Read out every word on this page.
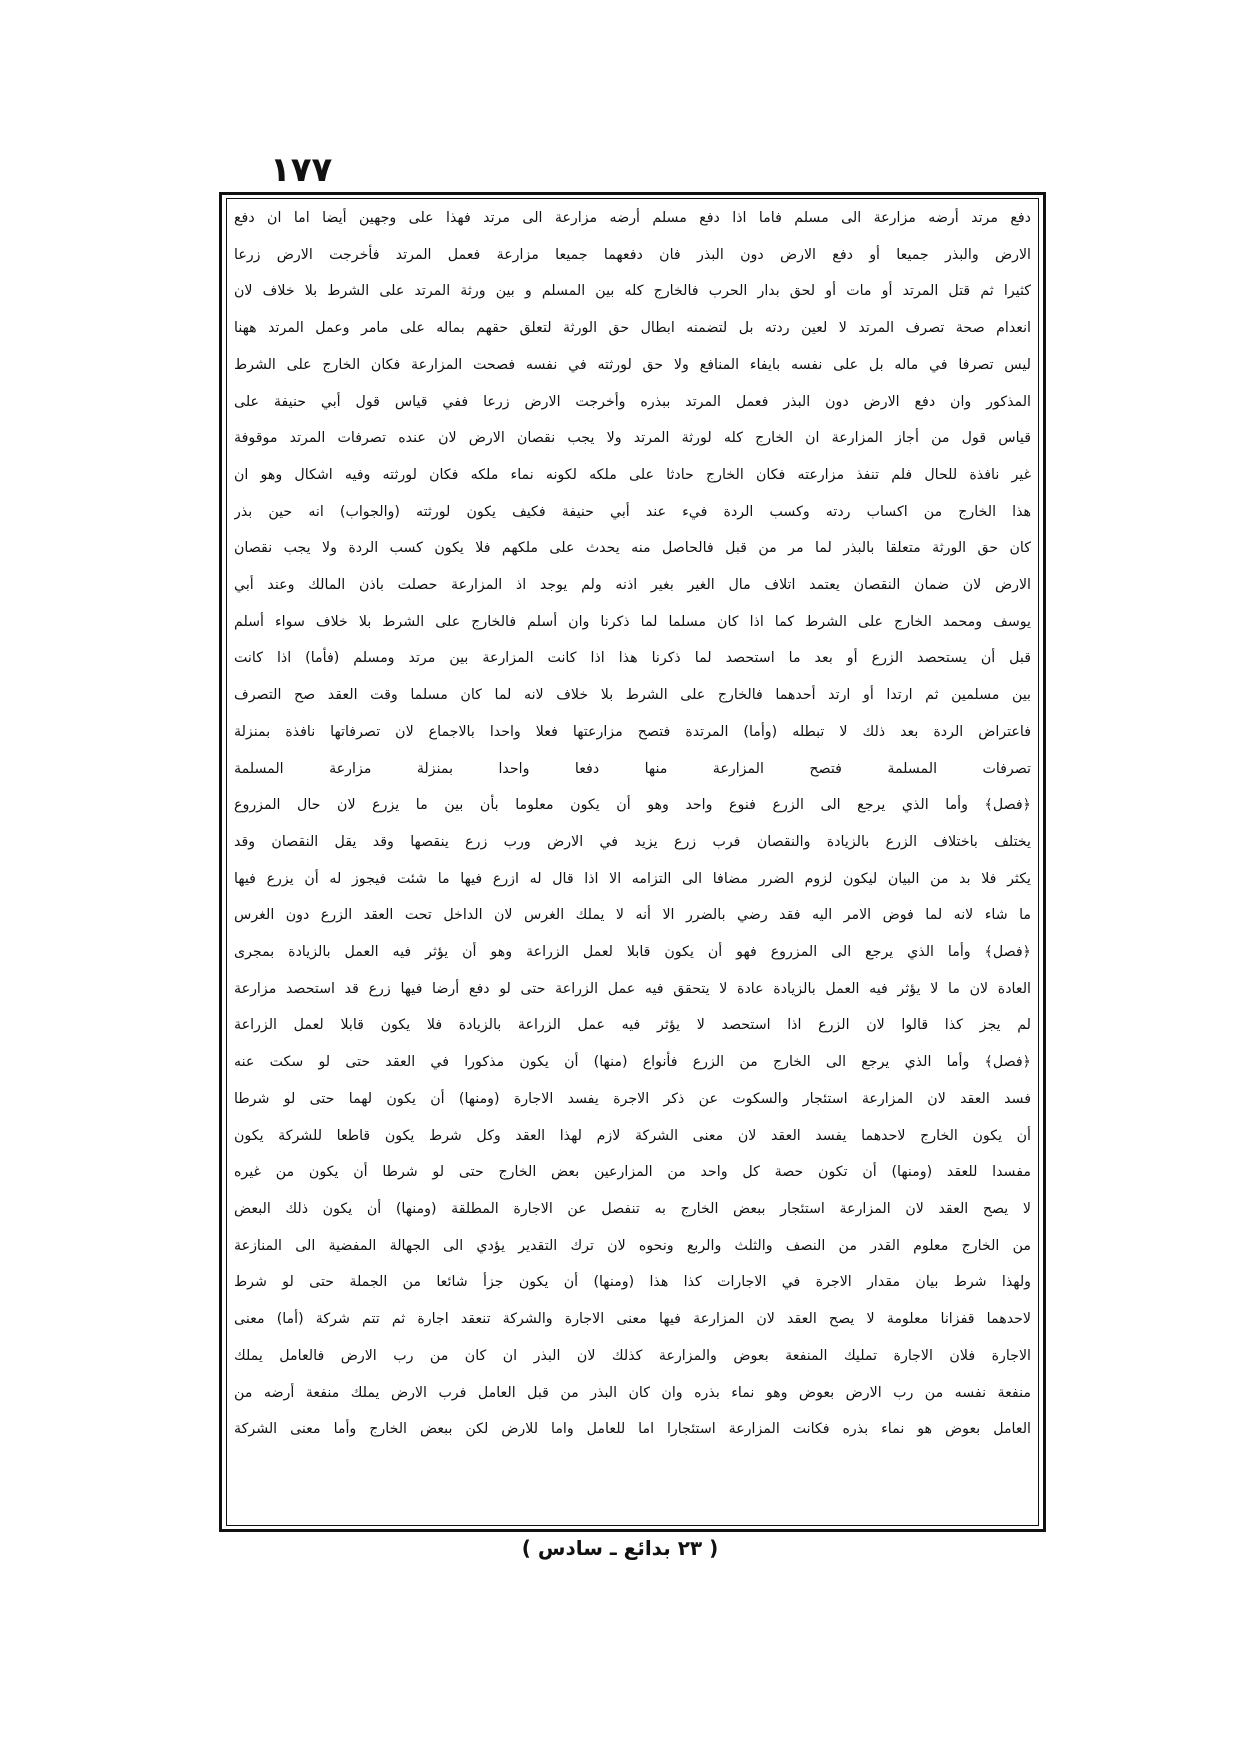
١٧٧
دفع مرتد أرضه مزارعة الى مسلم فاما اذا دفع مسلم أرضه مزارعة الى مرتد فهذا على وجهين أيضا اما ان دفع
الارض والبذر جميعا أو دفع الارض دون البذر فان دفعهما جميعا مزارعة فعمل المرتد فأخرجت الارض زرعا
كثيرا ثم قتل المرتد أو مات أو لحق بدار الحرب فالخارج كله بين المسلم و بين ورثة المرتد على الشرط بلا خلاف لان
انعدام صحة تصرف المرتد لا لعين ردته بل لتضمنه ابطال حق الورثة لتعلق حقهم بماله على مامر وعمل المرتد ههنا
ليس تصرفا في ماله بل على نفسه بايفاء المنافع ولا حق لورثته في نفسه فصحت المزارعة فكان الخارج على الشرط
المذكور وان دفع الارض دون البذر فعمل المرتد ببذره وأخرجت الارض زرعا ففي قياس قول أبي حنيفة على
قياس قول من أجاز المزارعة ان الخارج كله لورثة المرتد ولا يجب نقصان الارض لان عنده تصرفات المرتد موقوفة
غير نافذة للحال فلم تنفذ مزارعته فكان الخارج حادثا على ملكه لكونه نماء ملكه فكان لورثته وفيه اشكال وهو ان
هذا الخارج من اكساب ردته وكسب الردة فيء عند أبي حنيفة فكيف يكون لورثته (والجواب) انه حين بذر
كان حق الورثة متعلقا بالبذر لما مر من قبل فالحاصل منه يحدث على ملكهم فلا يكون كسب الردة ولا يجب نقصان
الارض لان ضمان النقصان يعتمد اتلاف مال الغير بغير اذنه ولم يوجد اذ المزارعة حصلت باذن المالك وعند أبي
يوسف ومحمد الخارج على الشرط كما اذا كان مسلما لما ذكرنا وان أسلم فالخارج على الشرط بلا خلاف سواء أسلم
قبل أن يستحصد الزرع أو بعد ما استحصد لما ذكرنا هذا اذا كانت المزارعة بين مرتد ومسلم (فأما) اذا كانت
بين مسلمين ثم ارتدا أو ارتد أحدهما فالخارج على الشرط بلا خلاف لانه لما كان مسلما وقت العقد صح التصرف
فاعتراض الردة بعد ذلك لا تبطله (وأما) المرتدة فتصح مزارعتها فعلا واحدا بالاجماع لان تصرفاتها نافذة بمنزلة
تصرفات المسلمة فتصح المزارعة منها دفعا واحدا بمنزلة مزارعة المسلمة
﴿فصل﴾ وأما الذي يرجع الى الزرع فنوع واحد وهو أن يكون معلوما بأن بين ما يزرع لان حال المزروع
يختلف باختلاف الزرع بالزيادة والنقصان فرب زرع يزيد في الارض ورب زرع ينقصها وقد يقل النقصان وقد
يكثر فلا بد من البيان ليكون لزوم الضرر مضافا الى التزامه الا اذا قال له ازرع فيها ما شئت فيجوز له أن يزرع فيها
ما شاء لانه لما فوض الامر اليه فقد رضي بالضرر الا أنه لا يملك الغرس لان الداخل تحت العقد الزرع دون الغرس
﴿فصل﴾ وأما الذي يرجع الى المزروع فهو أن يكون قابلا لعمل الزراعة وهو أن يؤثر فيه العمل بالزيادة بمجرى
العادة لان ما لا يؤثر فيه العمل بالزيادة عادة لا يتحقق فيه عمل الزراعة حتى لو دفع أرضا فيها زرع قد استحصد مزارعة
لم يجز كذا قالوا لان الزرع اذا استحصد لا يؤثر فيه عمل الزراعة بالزيادة فلا يكون قابلا لعمل الزراعة
﴿فصل﴾ وأما الذي يرجع الى الخارج من الزرع فأنواع (منها) أن يكون مذكورا في العقد حتى لو سكت عنه
فسد العقد لان المزارعة استئجار والسكوت عن ذكر الاجرة يفسد الاجارة (ومنها) أن يكون لهما حتى لو شرطا
أن يكون الخارج لاحدهما يفسد العقد لان معنى الشركة لازم لهذا العقد وكل شرط يكون قاطعا للشركة يكون
مفسدا للعقد (ومنها) أن تكون حصة كل واحد من المزارعين بعض الخارج حتى لو شرطا أن يكون من غيره
لا يصح العقد لان المزارعة استئجار ببعض الخارج به تنفصل عن الاجارة المطلقة (ومنها) أن يكون ذلك البعض
من الخارج معلوم القدر من النصف والثلث والربع ونحوه لان ترك التقدير يؤدي الى الجهالة المفضية الى المنازعة
ولهذا شرط بيان مقدار الاجرة في الاجارات كذا هذا (ومنها) أن يكون جزأ شائعا من الجملة حتى لو شرط
لاحدهما قفزانا معلومة لا يصح العقد لان المزارعة فيها معنى الاجارة والشركة تنعقد اجارة ثم تتم شركة (أما) معنى
الاجارة فلان الاجارة تمليك المنفعة بعوض والمزارعة كذلك لان البذر ان كان من رب الارض فالعامل يملك
منفعة نفسه من رب الارض بعوض وهو نماء بذره وان كان البذر من قبل العامل فرب الارض يملك منفعة أرضه من
العامل بعوض هو نماء بذره فكانت المزارعة استئجارا اما للعامل واما للارض لكن ببعض الخارج وأما معنى الشركة
( ٢٣ بدائع ـ سادس )
